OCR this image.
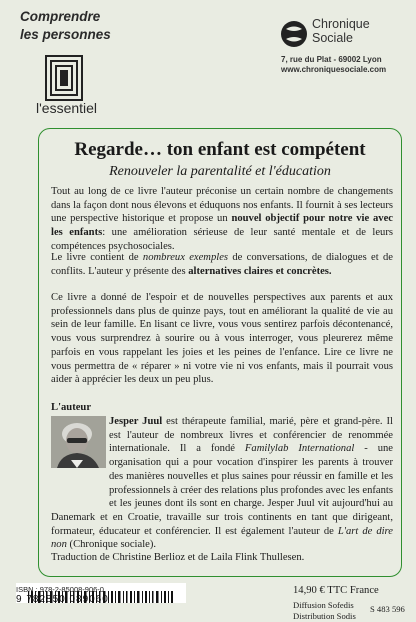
Comprendre
les personnes
l'essentiel
Chronique
Sociale
7, rue du Plat - 69002 Lyon
www.chroniquesociale.com
Regarde… ton enfant est compétent
Renouveler la parentalité et l'éducation

Tout au long de ce livre l'auteur préconise un certain nombre de changements dans la façon dont nous élevons et éduquons nos enfants. Il fournit à ses lecteurs une perspective historique et propose un nouvel objectif pour notre vie avec les enfants: une amélioration sérieuse de leur santé mentale et de leurs compétences psychosociales.

Le livre contient de nombreux exemples de conversations, de dialogues et de conflits. L'auteur y présente des alternatives claires et concrètes.

Ce livre a donné de l'espoir et de nouvelles perspectives aux parents et aux professionnels dans plus de quinze pays, tout en améliorant la qualité de vie au sein de leur famille. En lisant ce livre, vous vous sentirez parfois décontenancé, vous vous surprendrez à sourire ou à vous interroger, vous pleurerez même parfois en vous rappelant les joies et les peines de l'enfance. Lire ce livre ne vous permettra de « réparer » ni votre vie ni vos enfants, mais il pourrait vous aider à apprécier les deux un peu plus.

L'auteur

Jesper Juul est thérapeute familial, marié, père et grand-père. Il est l'auteur de nombreux livres et conférencier de renommée internationale. Il a fondé Familylab International - une organisation qui a pour vocation d'inspirer les parents à trouver des manières nouvelles et plus saines pour réussir en famille et les professionnels à créer des relations plus profondes avec les enfants et les jeunes dont ils sont en charge. Jesper Juul vit aujourd'hui au Danemark et en Croatie, travaille sur trois continents en tant que dirigeant, formateur, éducateur et conférencier. Il est également l'auteur de L'art de dire non (Chronique sociale).

Traduction de Christine Berlioz et de Laila Flink Thullesen.

ISBN : 978-2-85008-906-0
9 782850 089060
14,90 € TTC France
Diffusion Sofedis
Distribution Sodis
S 483 596
